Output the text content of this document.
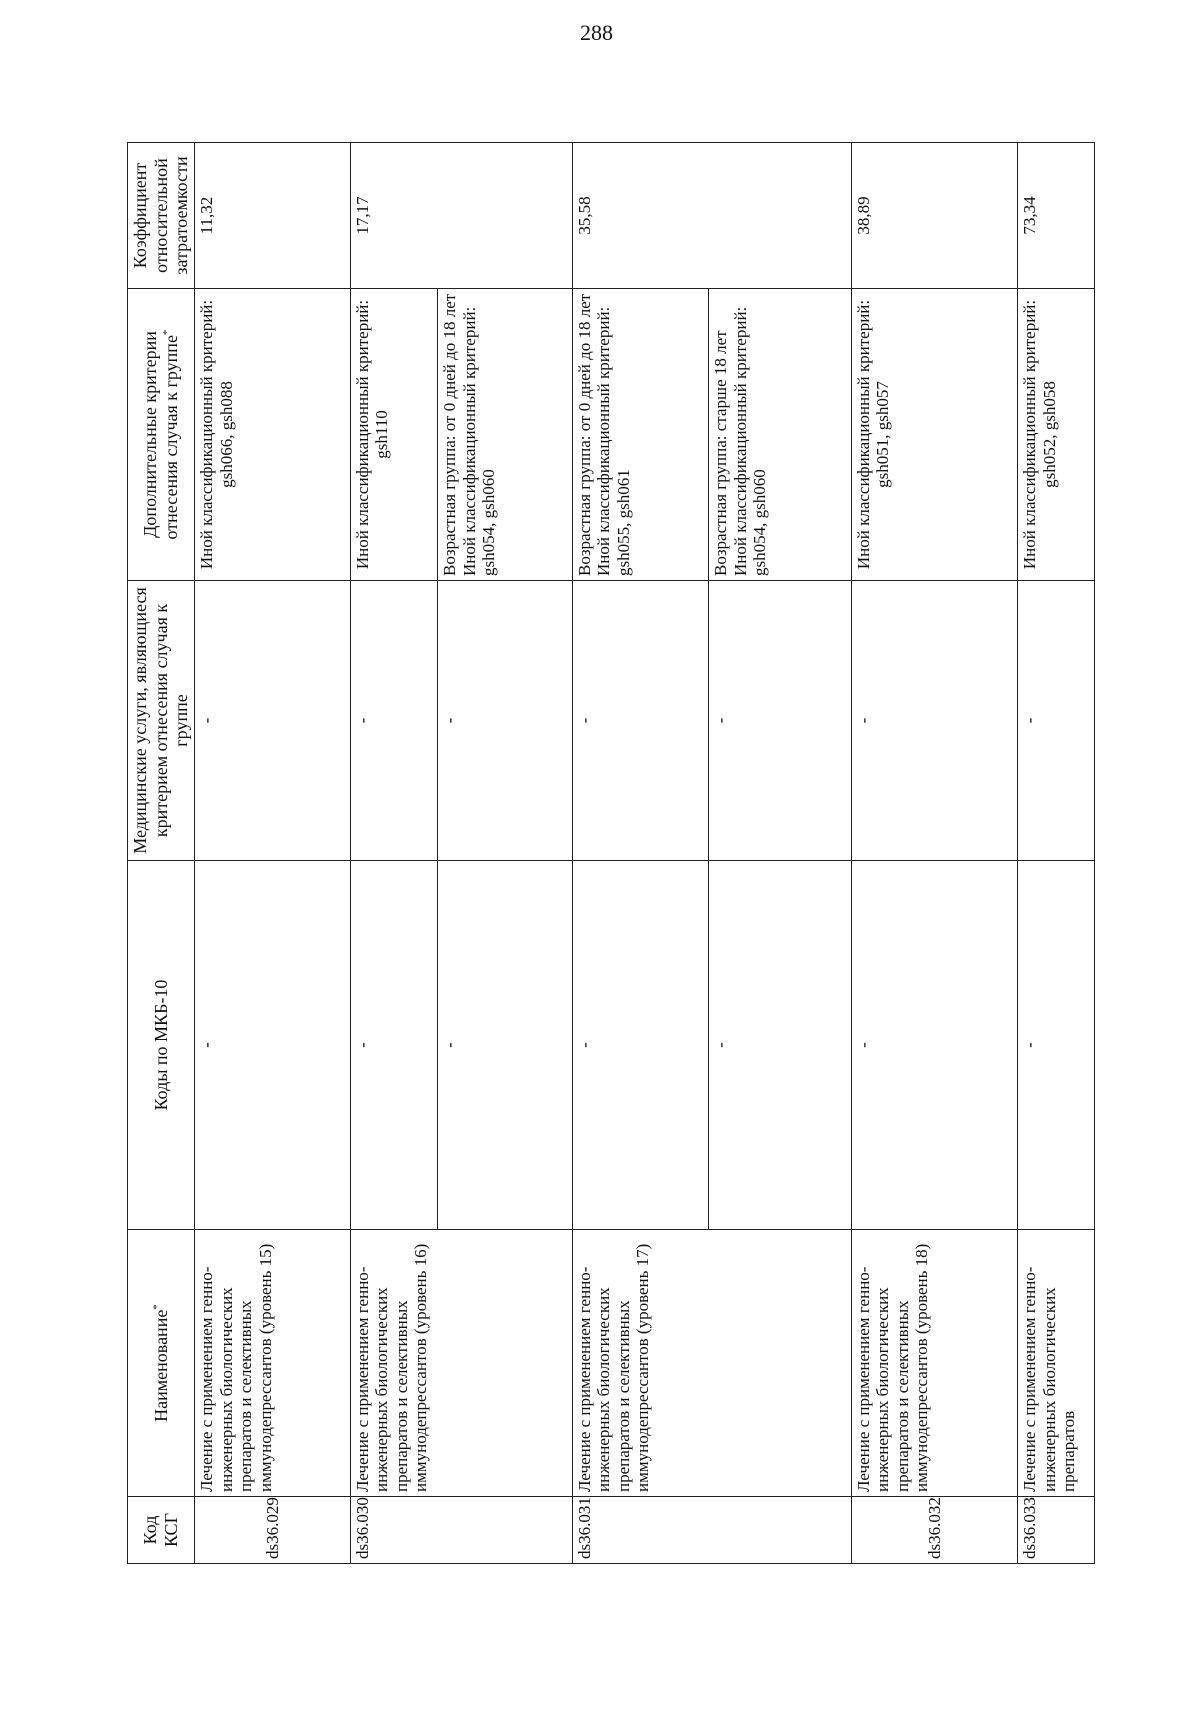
288
Код КСГ	Наименование*	Коды по МКБ-10	Медицинские услуги, являющиеся критерием отнесения случая к группе	Дополнительные критерии отнесения случая к группе*	Коэффициент относительной затратоемкости
ds36.029	Лечение с применением генно-инженерных биологических препаратов и селективных иммунодепрессантов (уровень 15)	-	-	Иной классификационный критерий: gsh066, gsh088	11,32
ds36.030	Лечение с применением генно-инженерных биологических препаратов и селективных иммунодепрессантов (уровень 16)	-	-	Иной классификационный критерий: gsh110	17,17
		-	-	Возрастная группа: от 0 дней до 18 лет Иной классификационный критерий: gsh054, gsh060	
ds36.031	Лечение с применением генно-инженерных биологических препаратов и селективных иммунодепрессантов (уровень 17)	-	-	Возрастная группа: от 0 дней до 18 лет Иной классификационный критерий: gsh055, gsh061	35,58
		-	-	Возрастная группа: старше 18 лет Иной классификационный критерий: gsh054, gsh060	
ds36.032	Лечение с применением генно-инженерных биологических препаратов и селективных иммунодепрессантов (уровень 18)	-	-	Иной классификационный критерий: gsh051, gsh057	38,89
ds36.033	Лечение с применением генно-инженерных биологических препаратов	-	-	Иной классификационный критерий: gsh052, gsh058	73,34
